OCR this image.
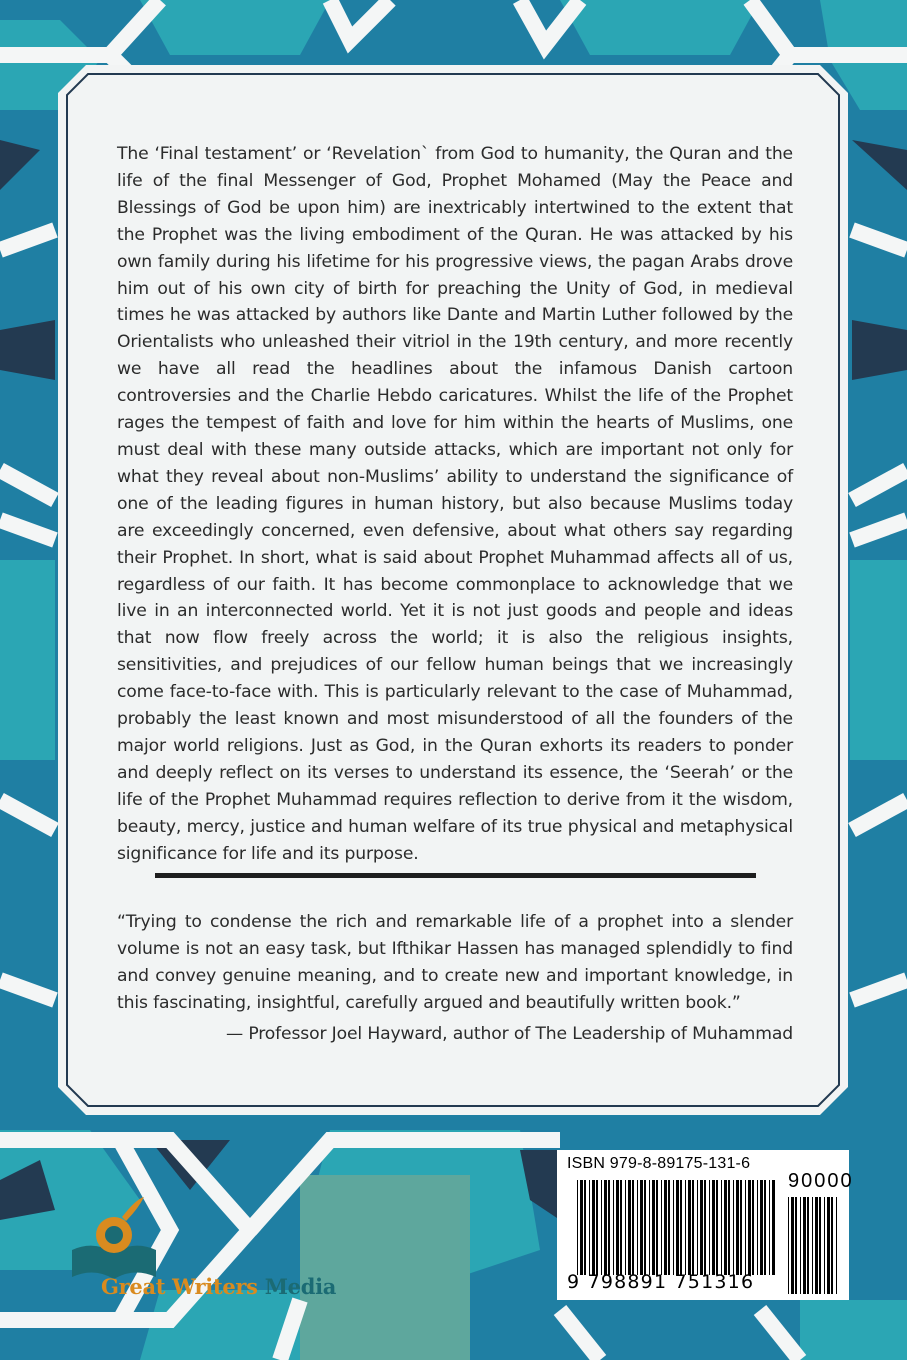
The ‘Final testament’ or ‘Revelation` from God to humanity, the Quran and the life of the final Messenger of God, Prophet Mohamed (May the Peace and Blessings of God be upon him) are inextricably intertwined to the extent that the Prophet was the living embodiment of the Quran. He was attacked by his own family during his lifetime for his progressive views, the pagan Arabs drove him out of his own city of birth for preaching the Unity of God, in medieval times he was attacked by authors like Dante and Martin Luther followed by the Orientalists who unleashed their vitriol in the 19th century, and more recently we have all read the headlines about the infamous Danish cartoon controversies and the Charlie Hebdo caricatures. Whilst the life of the Prophet rages the tempest of faith and love for him within the hearts of Muslims, one must deal with these many outside attacks, which are important not only for what they reveal about non-Muslims’ ability to understand the significance of one of the leading figures in human history, but also because Muslims today are exceedingly concerned, even defensive, about what others say regarding their Prophet. In short, what is said about Prophet Muhammad affects all of us, regardless of our faith. It has become commonplace to acknowledge that we live in an interconnected world. Yet it is not just goods and people and ideas that now flow freely across the world; it is also the religious insights, sensitivities, and prejudices of our fellow human beings that we increasingly come face-to-face with. This is particularly relevant to the case of Muhammad, probably the least known and most misunderstood of all the founders of the major world religions. Just as God, in the Quran exhorts its readers to ponder and deeply reflect on its verses to understand its essence, the ‘Seerah’ or the life of the Prophet Muhammad requires reflection to derive from it the wisdom, beauty, mercy, justice and human welfare of its true physical and metaphysical significance for life and its purpose.

“Trying to condense the rich and remarkable life of a prophet into a slender volume is not an easy task, but Ifthikar Hassen has managed splendidly to find and convey genuine meaning, and to create new and important knowledge, in this fascinating, insightful, carefully argued and beautifully written book.”

— Professor Joel Hayward, author of The Leadership of Muhammad

ISBN 979-8-89175-131-6
90000
9 798891 751316
Great Writers Media
